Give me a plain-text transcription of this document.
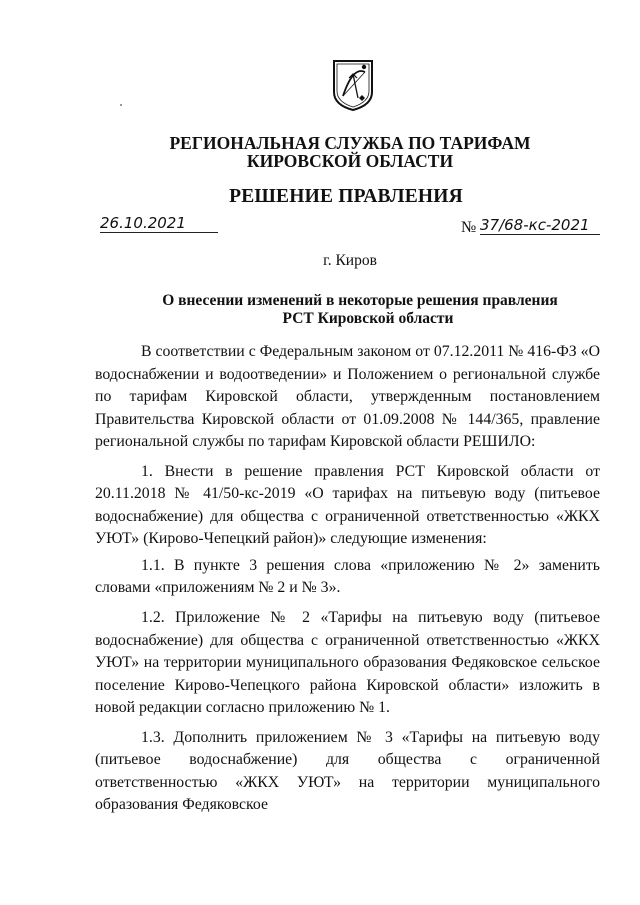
РЕГИОНАЛЬНАЯ СЛУЖБА ПО ТАРИФАМ
КИРОВСКОЙ ОБЛАСТИ
РЕШЕНИЕ ПРАВЛЕНИЯ
26.10.2021	№ 37/68-кс-2021
г. Киров
О внесении изменений в некоторые решения правления
РСТ Кировской области

В соответствии с Федеральным законом от 07.12.2011 № 416-ФЗ «О водоснабжении и водоотведении» и Положением о региональной службе по тарифам Кировской области, утвержденным постановлением Правительства Кировской области от 01.09.2008 № 144/365, правление региональной службы по тарифам Кировской области РЕШИЛО:

1. Внести в решение правления РСТ Кировской области от 20.11.2018 № 41/50-кс-2019 «О тарифах на питьевую воду (питьевое водоснабжение) для общества с ограниченной ответственностью «ЖКХ УЮТ» (Кирово-Чепецкий район)» следующие изменения:

1.1. В пункте 3 решения слова «приложению № 2» заменить словами «приложениям № 2 и № 3».

1.2. Приложение № 2 «Тарифы на питьевую воду (питьевое водоснабжение) для общества с ограниченной ответственностью «ЖКХ УЮТ» на территории муниципального образования Федяковское сельское поселение Кирово-Чепецкого района Кировской области» изложить в новой редакции согласно приложению № 1.

1.3. Дополнить приложением № 3 «Тарифы на питьевую воду (питьевое водоснабжение) для общества с ограниченной ответственностью «ЖКХ УЮТ» на территории муниципального образования Федяковское
